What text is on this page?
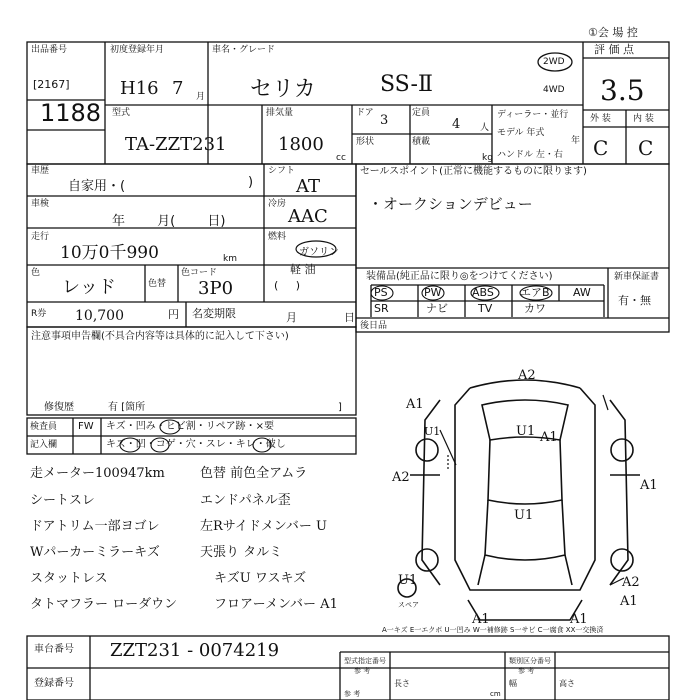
①会 場 控
出品番号
[2167]
1188
初度登録年月
H16 7 月
車名・グレード
セリカ	SS-Ⅱ
2WD
4WD
評 価 点
3.5
外 装 内 装
C C
型式
TA-ZZT231
排気量
1800
cc
ドア 3	定員
4 人
形状	積載
kg
ディーラー・並行
モデル 年式
年
ハンドル 左・右
車歴
自家用・(	)
シフト
AT
車検
年 月( 日)
冷房
AAC
走行
10万0千990	km
燃料
ガソリン
軽 油
(     )
色
レッド	色替
色コード
3P0
R券 10,700	円 名変期限	月  日
セールスポイント(正常に機能するものに限ります)
・オークションデビュー
装備品(純正品に限り◎をつけてください)
PS	PW	ABS エアB AW
SR	ナビ	TV	カワ
新車保証書
有・無
後日品
注意事項申告欄(不具合内容等は具体的に記入して下さい)
修復歴	有 [箇所	]
検査員
記入欄
FW キズ・凹み・ヒビ割・リペア跡・×要
キズ・凹・コゲ・穴・スレ・キレ・破し
走メーター100947km
シートスレ
ドアトリム一部ヨゴレ
Wパーカーミラーキズ
スタットレス
タトマフラー ローダウン
色替 前色全アムラ
エンドパネル歪
左Rサイドメンバー U
天張り タルミ
キズU ワスキズ
フロアーメンバー A1
A2
A1
U1 A1
A2
A1
U1
U1	A2
A1
A1	A1
U1
スペア
A一キズ E一エクボ U一凹み W一補修跡 S一サビ C一腐食 XX一交換済
車台番号 ZZT231 - 0074219
登録番号
型式指定番号
参 考
類別区分番号
参 考
長さ
参 考	cm
幅	高さ
